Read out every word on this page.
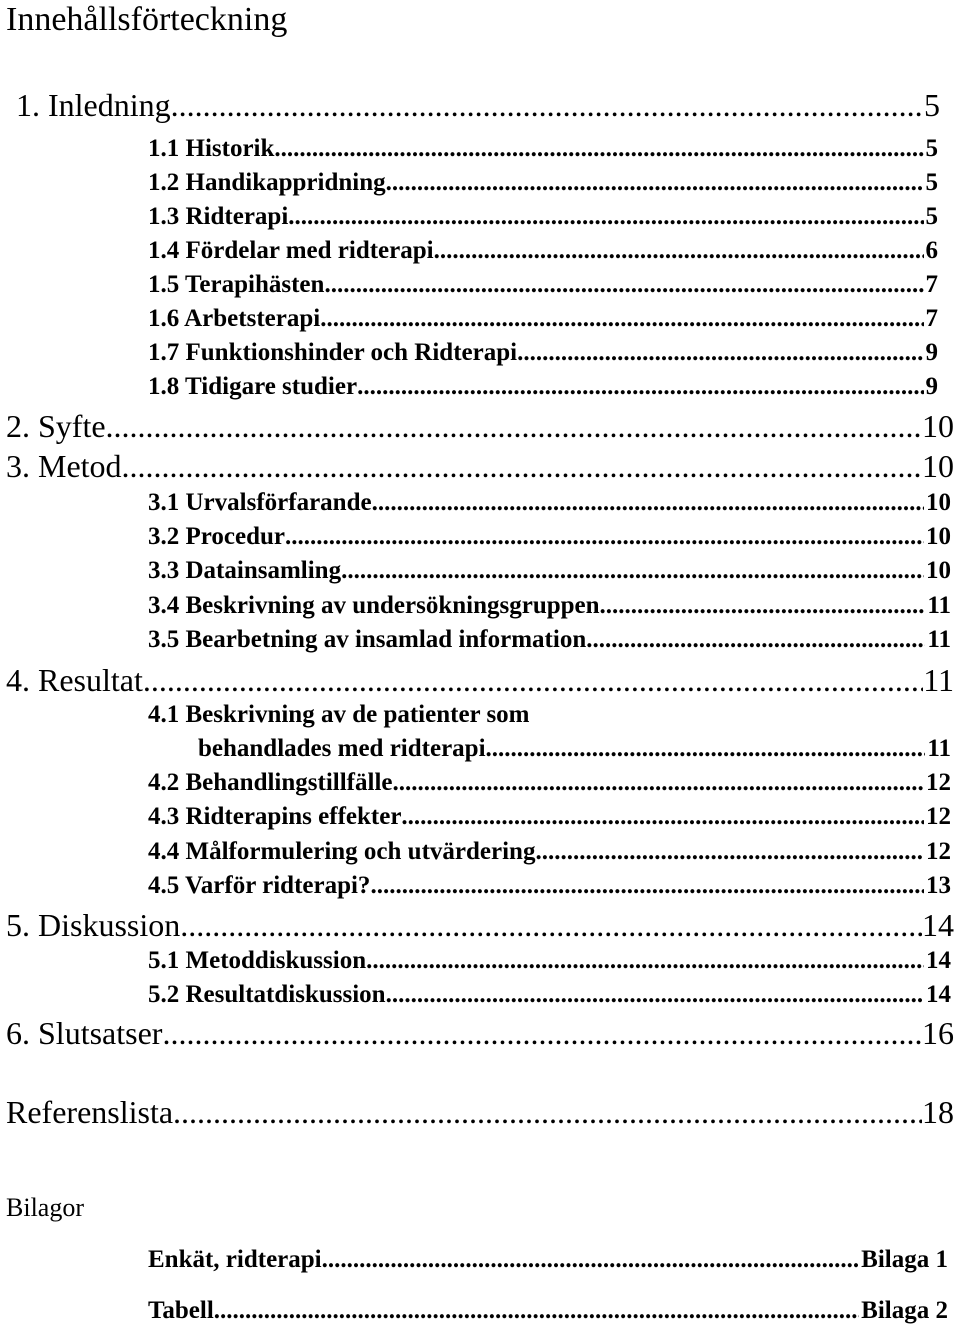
Innehållsförteckning
1. Inledning .....	5
1.1 Historik .....	5
1.2 Handikappridning .....	5
1.3 Ridterapi .....	5
1.4 Fördelar med ridterapi .....	6
1.5 Terapihästen .....	7
1.6 Arbetsterapi .....	7
1.7 Funktionshinder och Ridterapi .....	9
1.8 Tidigare studier .....	9
2. Syfte... .....	10
3. Metod. .....	10
3.1 Urvalsförfarande .....	10
3.2 Procedur .....	10
3.3 Datainsamling .....	10
3.4 Beskrivning av undersökningsgruppen .....	11
3.5 Bearbetning av insamlad information .....	11
4. Resultat .....	11
4.1 Beskrivning av de patienter som
behandlades med ridterapi .....	11
4.2 Behandlingstillfälle .....	12
4.3 Ridterapins effekter .....	12
4.4 Målformulering och utvärdering .....	12
4.5 Varför ridterapi? .....	13
5. Diskussion .....	14
5.1 Metoddiskussion .....	14
5.2 Resultatdiskussion .....	14
6. Slutsatser .....	16
Referenslista .....	18
Bilagor
Enkät, ridterapi .....	Bilaga 1
Tabell .....	Bilaga 2
